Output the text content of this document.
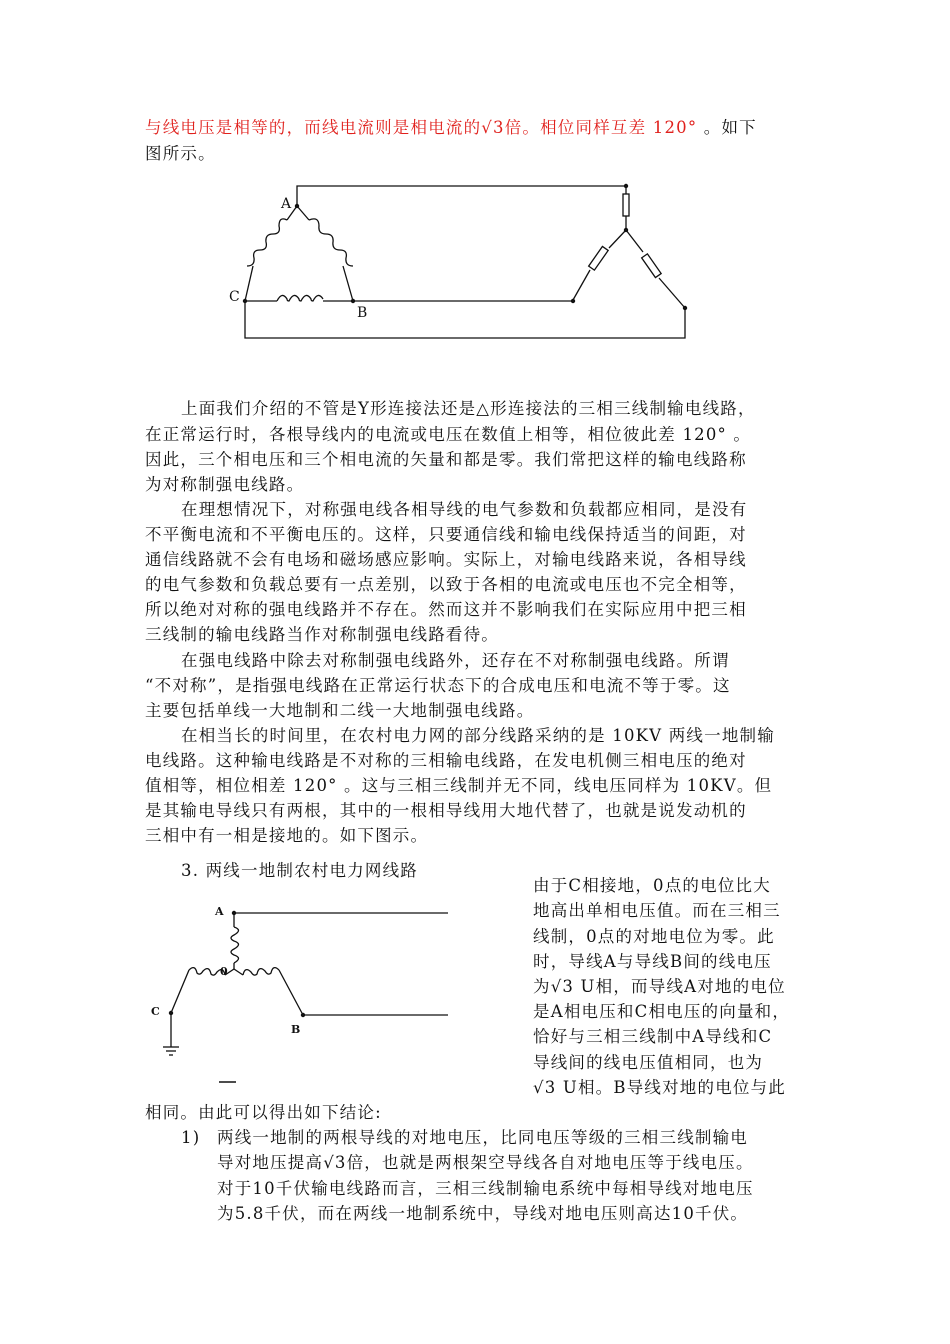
与线电压是相等的，而线电流则是相电流的√3倍。相位同样互差 120° 。如下
图所示。
A
C
B
上面我们介绍的不管是Y形连接法还是△形连接法的三相三线制输电线路，
在正常运行时，各根导线内的电流或电压在数值上相等，相位彼此差 120° 。
因此，三个相电压和三个相电流的矢量和都是零。我们常把这样的输电线路称
为对称制强电线路。
在理想情况下，对称强电线各相导线的电气参数和负载都应相同，是没有
不平衡电流和不平衡电压的。这样，只要通信线和输电线保持适当的间距，对
通信线路就不会有电场和磁场感应影响。实际上，对输电线路来说，各相导线
的电气参数和负载总要有一点差别，以致于各相的电流或电压也不完全相等，
所以绝对对称的强电线路并不存在。然而这并不影响我们在实际应用中把三相
三线制的输电线路当作对称制强电线路看待。
在强电线路中除去对称制强电线路外，还存在不对称制强电线路。所谓
“不对称”，是指强电线路在正常运行状态下的合成电压和电流不等于零。这
主要包括单线一大地制和二线一大地制强电线路。
在相当长的时间里，在农村电力网的部分线路采纳的是 10KV 两线一地制输
电线路。这种输电线路是不对称的三相输电线路，在发电机侧三相电压的绝对
值相等，相位相差 120° 。这与三相三线制并无不同，线电压同样为 10KV。但
是其输电导线只有两根，其中的一根相导线用大地代替了，也就是说发动机的
三相中有一相是接地的。如下图示。
3. 两线一地制农村电力网线路
A
0
C
B
由于C相接地，0点的电位比大
地高出单相电压值。而在三相三
线制，0点的对地电位为零。此
时，导线A与导线B间的线电压
为√3 U相，而导线A对地的电位
是A相电压和C相电压的向量和，
恰好与三相三线制中A导线和C
导线间的线电压值相同，也为
√3 U相。B导线对地的电位与此
相同。由此可以得出如下结论:
1) 两线一地制的两根导线的对地电压，比同电压等级的三相三线制输电
导对地压提高√3倍，也就是两根架空导线各自对地电压等于线电压。
对于10千伏输电线路而言，三相三线制输电系统中每相导线对地电压
为5.8千伏，而在两线一地制系统中，导线对地电压则高达10千伏。
